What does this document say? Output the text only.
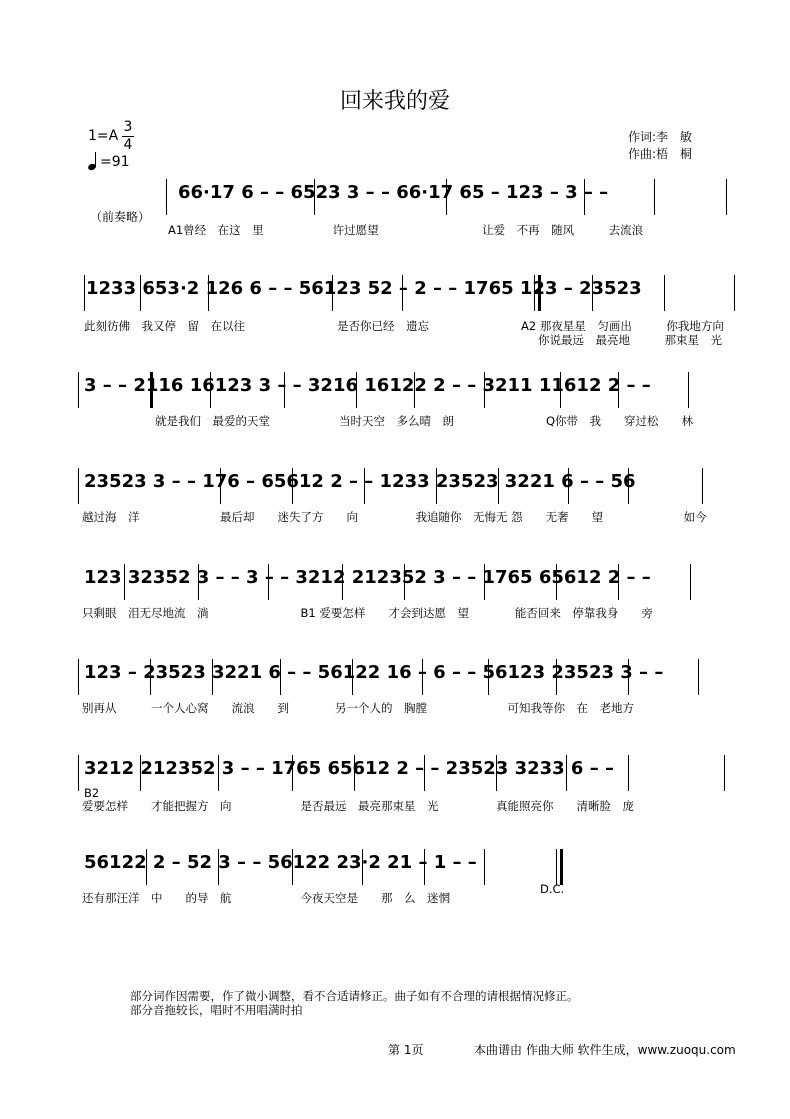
回来我的爱
1=A
3
4
=91
作词:李　敏
作曲:梧　桐
（前奏略）
66·17 6 – – 6523 3 – – 66·17 65 – 123 – 3 – –
A1曾经　在这　里　　　　　　许过愿望　　　　　　　　　让爱　不再　随风　　　去流浪
1233 653·2 126 6 – – 56123 52 – 2 – – 1765 123 – 23523
此刻彷佛　我又停　留　在以往　　　　　　　　是否你已经　遗忘　　　　　　　　A2 那夜星星　匀画出　　　你我地方向
你说最远　最亮地　　　那束星　光
3 – – 2116 16123 3 – – 3216 16122 2 – – 3211 11612 2 – –
就是我们　最爱的天堂　　　　　　当时天空　多么晴　朗　　　　　　　　Q你带　我　　穿过松　　林
23523 3 – – 176 – 65612 2 – – 1233 23523 3221 6 – – 56
越过海　洋　　　　　　　最后却　　迷失了方　　向　　　　　我追随你　无悔无 怨　　无奢　　望　　　　　　　如今
123 32352 3 – – 3 – – 3212 212352 3 – – 1765 65612 2 – –
只剩眼　泪无尽地流　淌　　　　　　　　B1 爱要怎样　　才会到达愿　望　　　　能否回来　停靠我身　　旁
123 – 23523 3221 6 – – 56122 16 – 6 – – 56123 23523 3 – –
别再从　　　一个人心窝　　流浪　　到　　　　另一个人的　胸膛　　　　　　　可知我等你　在　老地方
3212 212352 3 – – 1765 65612 2 – – 23523 3233 6 – –
B2
爱要怎样　　才能把握方　向　　　　　　是否最远　最亮那束星　光　　　　　真能照亮你　　清晰脸　庞
56122 2 – 52 3 – – 56122 23·2 21 – 1 – –
还有那汪洋　中　　的导　航　　　　　　今夜天空是　　那　么　迷惘
D.C.
部分词作因需要，作了微小调整，看不合适请修正。曲子如有不合理的请根据情况修正。
部分音拖较长，唱时不用唱满时拍
第 1页	本曲谱由 作曲大师 软件生成，www.zuoqu.com
